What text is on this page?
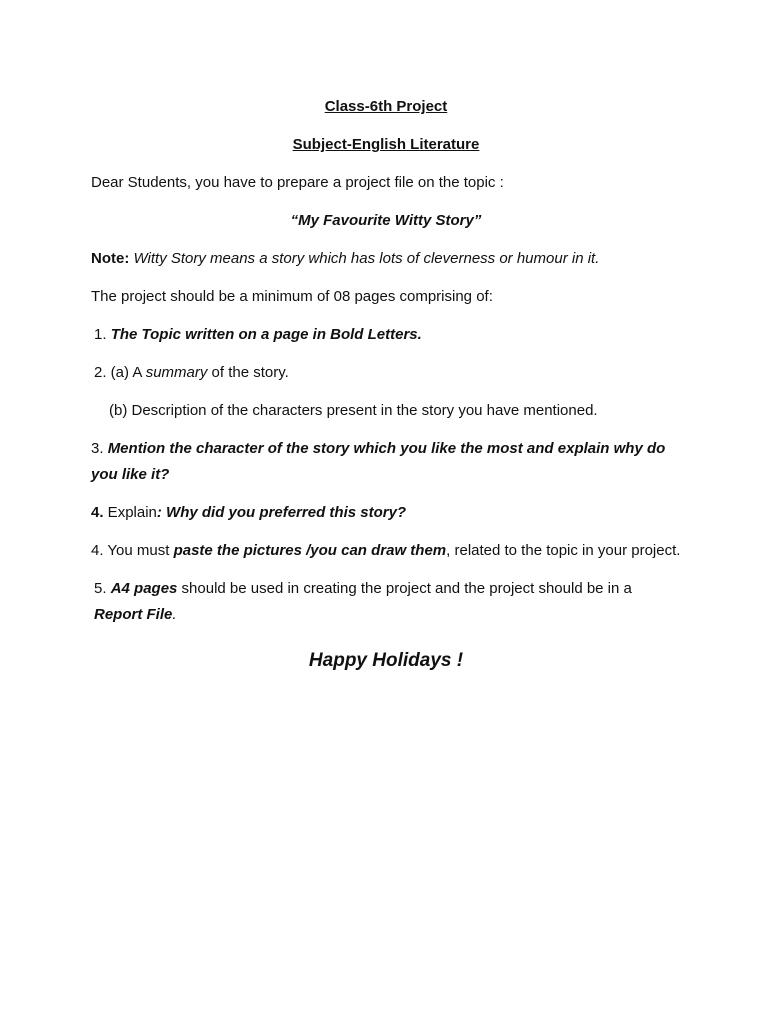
Class-6th Project
Subject-English Literature

Dear Students, you have to prepare a project file on the topic :

“My Favourite Witty Story”

Note: Witty Story means a story which has lots of cleverness or humour in it.

The project should be a minimum of 08 pages comprising of:

1. The Topic written on a page in Bold Letters.

2. (a) A summary of the story.

(b) Description of the characters present in the story you have mentioned.

3. Mention the character of the story which you like the most and explain why do you like it?

4. Explain: Why did you preferred this story?

4. You must paste the pictures /you can draw them, related to the topic in your project.

5. A4 pages should be used in creating the project and the project should be in a Report File.

Happy Holidays !
